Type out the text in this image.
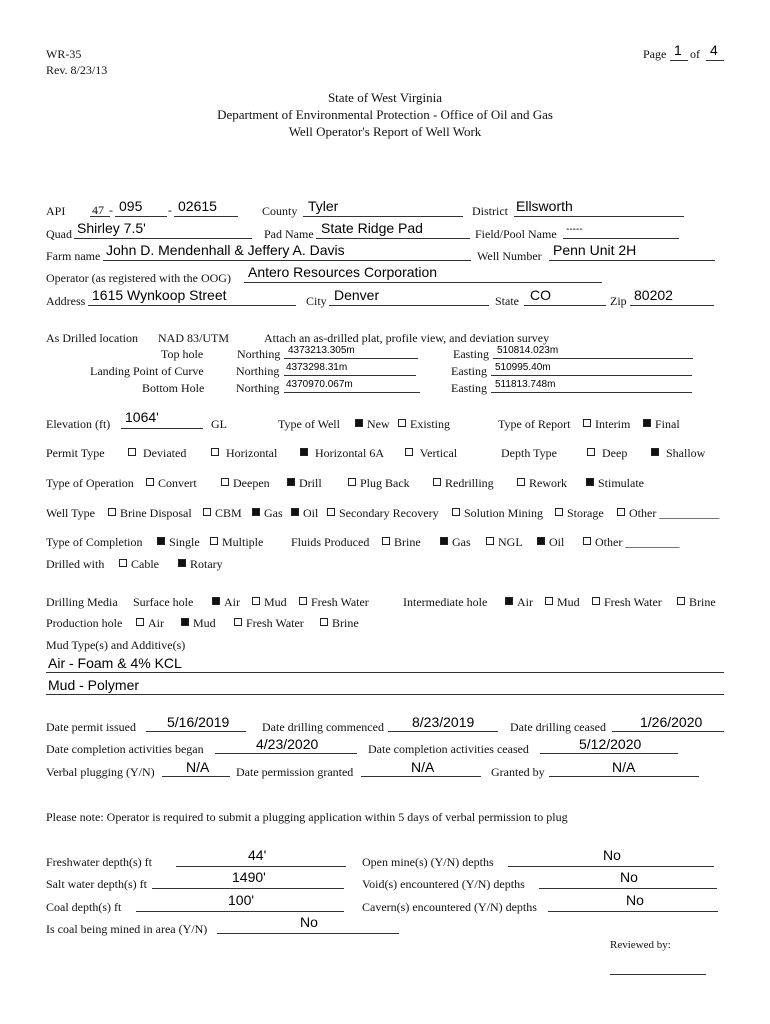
WR-35
Rev. 8/23/13
Page 1 of 4
State of West Virginia
Department of Environmental Protection - Office of Oil and Gas
Well Operator's Report of Well Work
API 47 - 095 - 02615	County Tyler	District Ellsworth
Quad Shirley 7.5'	Pad Name State Ridge Pad	Field/Pool Name -----
Farm name John D. Mendenhall & Jeffery A. Davis	Well Number Penn Unit 2H
Operator (as registered with the OOG) Antero Resources Corporation
Address 1615 Wynkoop Street	City Denver	State CO	Zip 80202
As Drilled location NAD 83/UTM	Attach an as-drilled plat, profile view, and deviation survey
Top hole	Northing 4373213.305m	Easting 510814.023m
Landing Point of Curve	Northing 4373298.31m	Easting 510995.40m
Bottom Hole	Northing 4370970.067m	Easting 511813.748m
Elevation (ft) 1064'	GL	Type of Well	New	Existing	Type of Report	Interim	Final
Permit Type	Deviated	Horizontal	Horizontal 6A	Vertical	Depth Type	Deep	Shallow
Type of Operation	Convert	Deepen	Drill	Plug Back	Redrilling	Rework	Stimulate
Well Type	Brine Disposal	CBM	Gas	Oil	Secondary Recovery	Solution Mining	Storage	Other __________
Type of Completion	Single	Multiple Fluids Produced	Brine	Gas	NGL	Oil	Other _________
Drilled with	Cable	Rotary
Drilling Media Surface hole	Air	Mud	Fresh Water	Intermediate hole	Air	Mud	Fresh Water	Brine
Production hole	Air	Mud	Fresh Water	Brine
Mud Type(s) and Additive(s)
Air - Foam & 4% KCL
Mud - Polymer
Date permit issued 5/16/2019	Date drilling commenced 8/23/2019	Date drilling ceased 1/26/2020
Date completion activities began	4/23/2020	Date completion activities ceased	5/12/2020
Verbal plugging (Y/N) N/A Date permission granted	N/A	Granted by	N/A
Please note: Operator is required to submit a plugging application within 5 days of verbal permission to plug
Freshwater depth(s) ft	44'	Open mine(s) (Y/N) depths	No
Salt water depth(s) ft	1490'	Void(s) encountered (Y/N) depths	No
Coal depth(s) ft	100'	Cavern(s) encountered (Y/N) depths	No
Is coal being mined in area (Y/N)	No
Reviewed by:
